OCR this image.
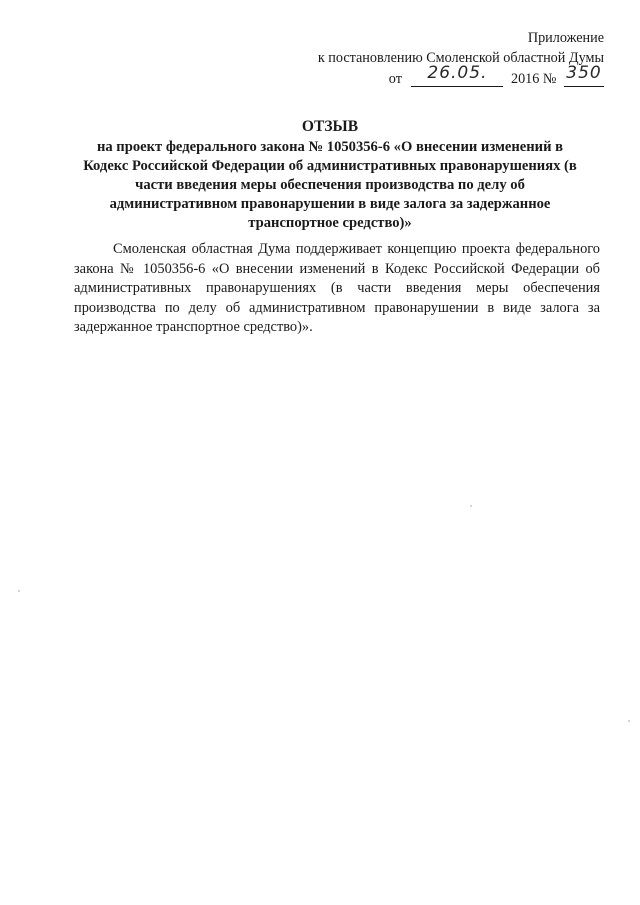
Приложение
к постановлению Смоленской областной Думы
от 26.05. 2016 № 350
ОТЗЫВ
на проект федерального закона № 1050356-6 «О внесении изменений в
Кодекс Российской Федерации об административных правонарушениях (в
части введения меры обеспечения производства по делу об
административном правонарушении в виде залога за задержанное
транспортное средство)»

Смоленская областная Дума поддерживает концепцию проекта федерального закона № 1050356-6 «О внесении изменений в Кодекс Российской Федерации об административных правонарушениях (в части введения меры обеспечения производства по делу об административном правонарушении в виде залога за задержанное транспортное средство)».
